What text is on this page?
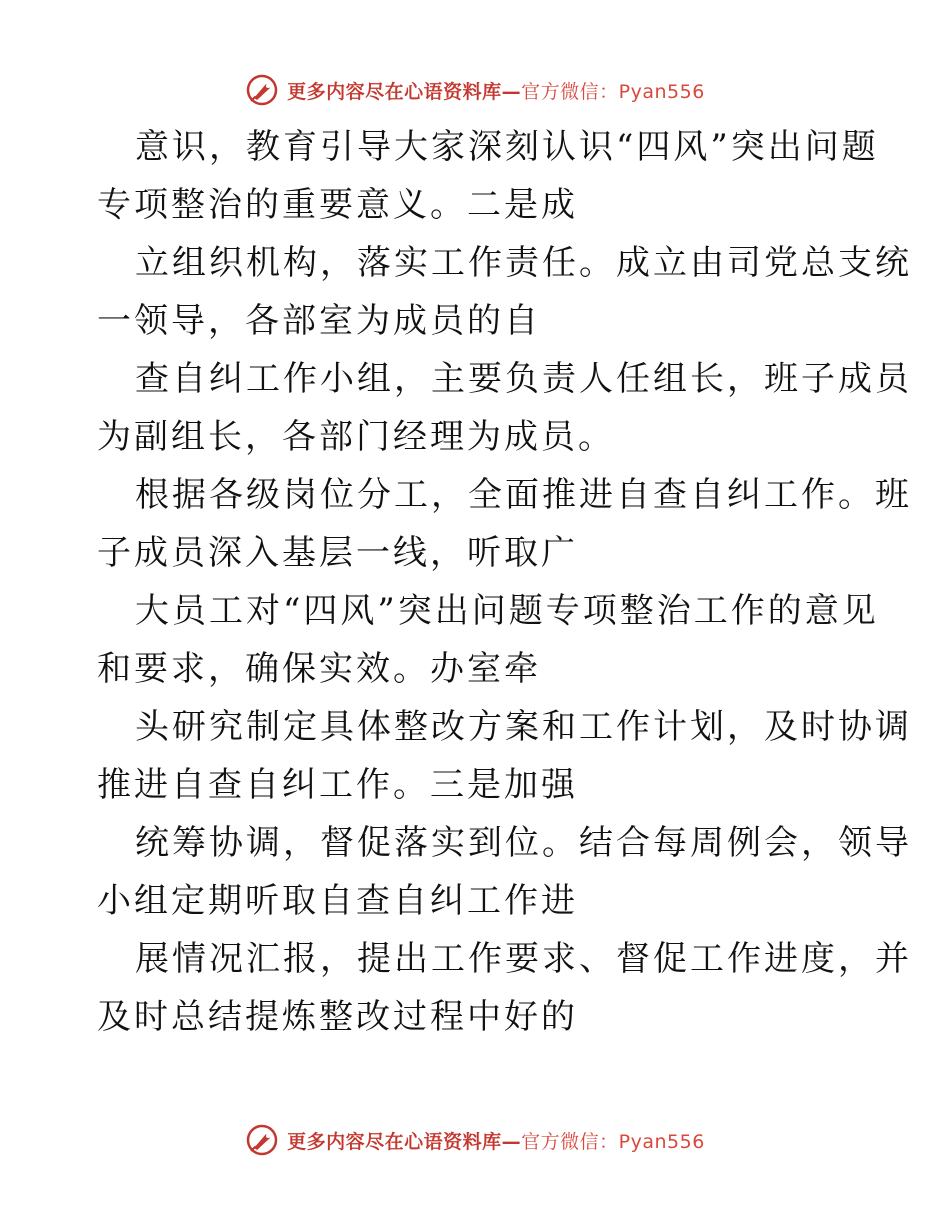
更多内容尽在心语资料库—官方微信：Pyan556

意识，教育引导大家深刻认识“四风”突出问题
专项整治的重要意义。二是成

立组织机构，落实工作责任。成立由司党总支统
一领导，各部室为成员的自

查自纠工作小组，主要负责人任组长，班子成员
为副组长，各部门经理为成员。

根据各级岗位分工，全面推进自查自纠工作。班
子成员深入基层一线，听取广

大员工对“四风”突出问题专项整治工作的意见
和要求，确保实效。办室牵

头研究制定具体整改方案和工作计划，及时协调
推进自查自纠工作。三是加强

统筹协调，督促落实到位。结合每周例会，领导
小组定期听取自查自纠工作进

展情况汇报，提出工作要求、督促工作进度，并
及时总结提炼整改过程中好的

更多内容尽在心语资料库—官方微信：Pyan556
